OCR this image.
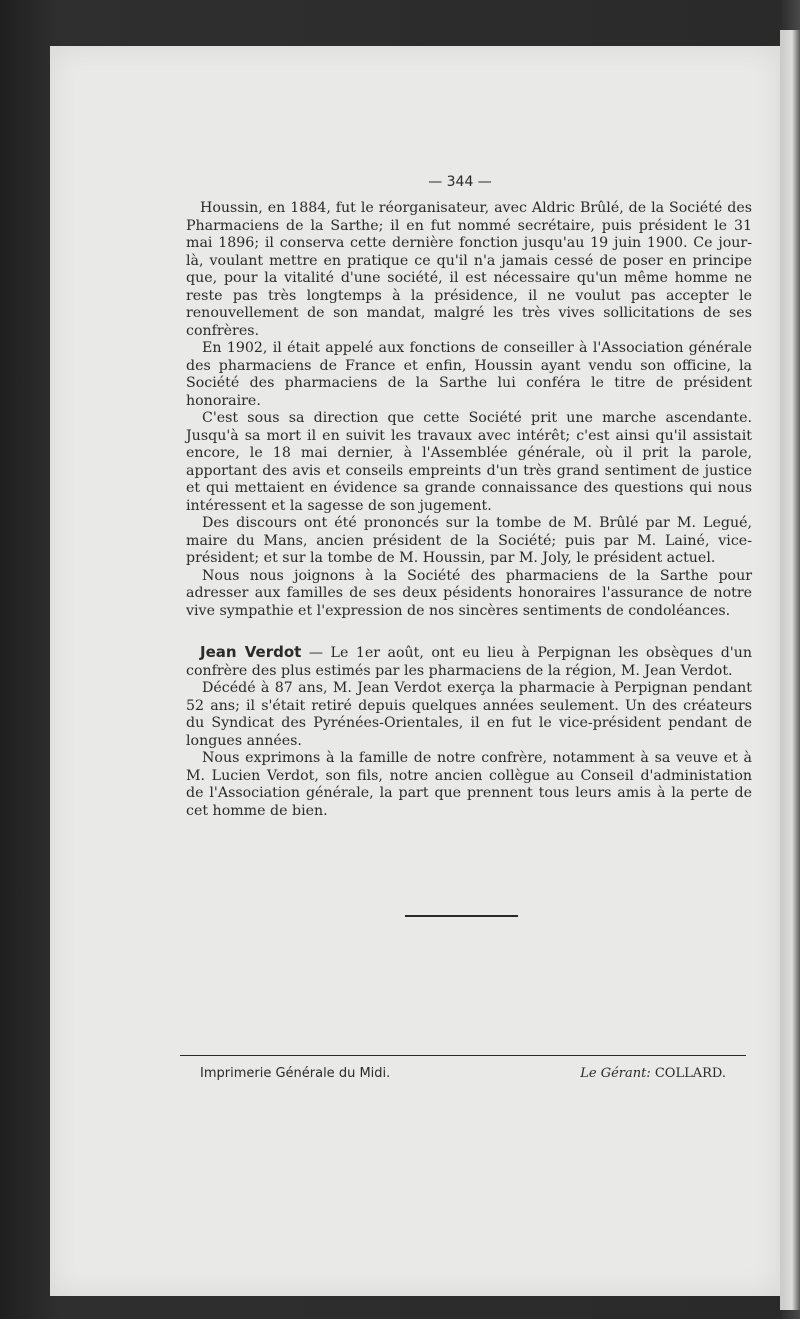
— 344 —

Houssin, en 1884, fut le réorganisateur, avec Aldric Brûlé, de la Société des Pharmaciens de la Sarthe; il en fut nommé secrétaire, puis président le 31 mai 1896; il conserva cette dernière fonction jusqu'au 19 juin 1900. Ce jour-là, voulant mettre en pratique ce qu'il n'a jamais cessé de poser en principe que, pour la vitalité d'une société, il est nécessaire qu'un même homme ne reste pas très longtemps à la présidence, il ne voulut pas accepter le renouvellement de son mandat, malgré les très vives sollicitations de ses confrères.

En 1902, il était appelé aux fonctions de conseiller à l'Association générale des pharmaciens de France et enfin, Houssin ayant vendu son officine, la Société des pharmaciens de la Sarthe lui conféra le titre de président honoraire.

C'est sous sa direction que cette Société prit une marche ascendante. Jusqu'à sa mort il en suivit les travaux avec intérêt; c'est ainsi qu'il assistait encore, le 18 mai dernier, à l'Assemblée générale, où il prit la parole, apportant des avis et conseils empreints d'un très grand sentiment de justice et qui mettaient en évidence sa grande connaissance des questions qui nous intéressent et la sagesse de son jugement.

Des discours ont été prononcés sur la tombe de M. Brûlé par M. Legué, maire du Mans, ancien président de la Société; puis par M. Lainé, vice-président; et sur la tombe de M. Houssin, par M. Joly, le président actuel.

Nous nous joignons à la Société des pharmaciens de la Sarthe pour adresser aux familles de ses deux pésidents honoraires l'assurance de notre vive sympathie et l'expression de nos sincères sentiments de condoléances.

Jean Verdot — Le 1er août, ont eu lieu à Perpignan les obsèques d'un confrère des plus estimés par les pharmaciens de la région, M. Jean Verdot.

Décédé à 87 ans, M. Jean Verdot exerça la pharmacie à Perpignan pendant 52 ans; il s'était retiré depuis quelques années seulement. Un des créateurs du Syndicat des Pyrénées-Orientales, il en fut le vice-président pendant de longues années.

Nous exprimons à la famille de notre confrère, notamment à sa veuve et à M. Lucien Verdot, son fils, notre ancien collègue au Conseil d'administation de l'Association générale, la part que prennent tous leurs amis à la perte de cet homme de bien.

Imprimerie Générale du Midi.	Le Gérant: COLLARD.
